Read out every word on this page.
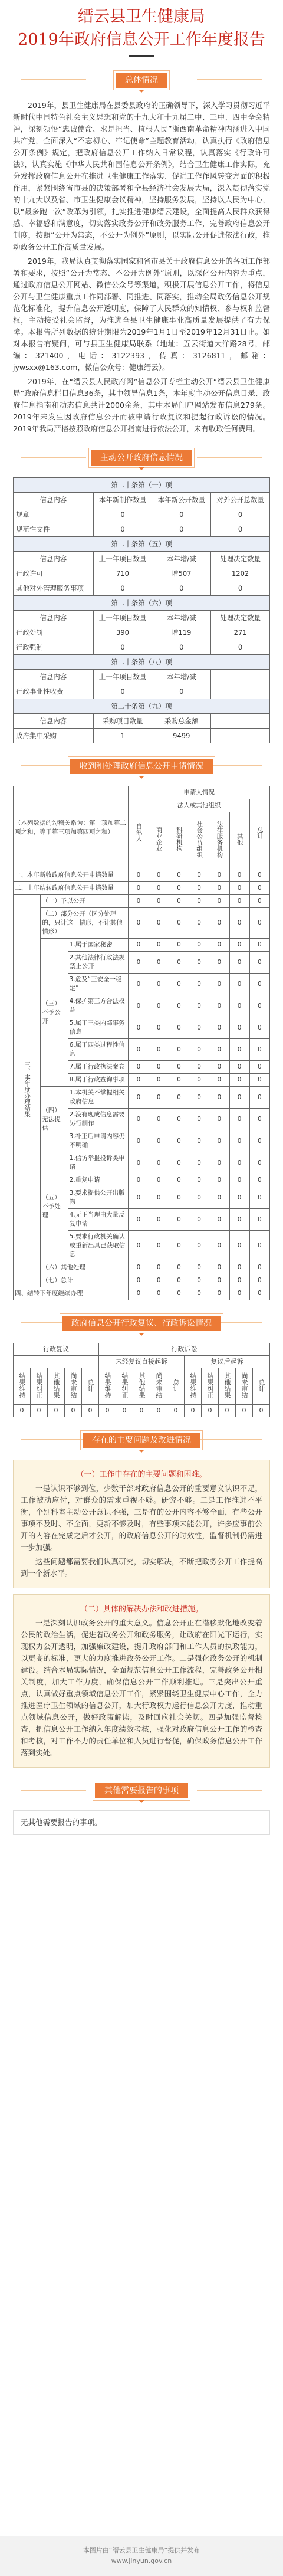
缙云县卫生健康局
2019年政府信息公开工作年度报告
总体情况

2019年，县卫生健康局在县委县政府的正确领导下，深入学习贯彻习近平新时代中国特色社会主义思想和党的十九大和十九届二中、三中、四中全会精神，深刻领悟“忠诚使命、求是担当、植根人民”浙西南革命精神内涵进入中国共产党，全面深入“不忘初心、牢记使命”主题教育活动，认真执行《政府信息公开条例》规定，把政府信息公开工作纳入日常议程，认真落实《行政许可法》，认真实施《中华人民共和国信息公开条例》，结合卫生健康工作实际，充分发挥政府信息公开在推进卫生健康工作落实、促进工作作风转变方面的积极作用，紧紧围绕省市县的决策部署和全县经济社会发展大局，深入贯彻落实党的十九大以及省、市卫生健康会议精神，坚持服务发展，坚持以人民为中心，以“最多跑一次”改革为引领，扎实推进健康缙云建设，全面提高人民群众获得感、幸福感和满意度，切实落实政务公开和政务服务工作，完善政府信息公开制度，按照“公开为常态，不公开为例外”原则，以实际公开促进依法行政，推动政务公开工作高质量发展。

2019年，我局认真贯彻落实国家和省市县关于政府信息公开的各项工作部署和要求，按照“公开为常态、不公开为例外”原则，以深化公开内容为重点，通过政府信息公开网站、微信公众号等渠道，积极开展信息公开工作，将信息公开与卫生健康重点工作同部署、同推进、同落实，推动全局政务信息公开规范化标准化，提升信息公开透明度，保障了人民群众的知情权、参与权和监督权，主动接受社会监督，为推进全县卫生健康事业高质量发展提供了有力保障。本报告所列数据的统计期限为2019年1月1日至2019年12月31日止。如对本报告有疑问，可与县卫生健康局联系（地址：五云街道大洋路28号，邮编：321400，电话：3122393，传真：3126811，邮箱：jywsxx@163.com，微信公众号：健康缙云）。

2019年，在“缙云县人民政府网”信息公开专栏主动公开“缙云县卫生健康局”政府信息栏目信息36条，其中领导信息1条，本年度主动公开信息目录、政府信息指南和动态信息共计2000余条，其中本局门户网站发布信息279条。2019年未发生因政府信息公开而被申请行政复议和提起行政诉讼的情况。2019年我局严格按照政府信息公开指南进行依法公开，未有收取任何费用。

主动公开政府信息情况
第二十条第（一）项			
信息内容	本年新制作数量	本年新公开数量	对外公开总数量
规章	0	0	0
规范性文件	0	0	0
第二十条第（五）项			
信息内容	上一年项目数量	本年增/减	处理决定数量
行政许可	710	增507	1202
其他对外管理服务事项	0	0	0
第二十条第（六）项			
信息内容	上一年项目数量	本年增/减	处理决定数量
行政处罚	390	增119	271
行政强制	0	0	0
第二十条第（八）项			
信息内容	上一年项目数量	本年增/减	
行政事业性收费	0	0	
第二十条第（九）项			
信息内容	采购项目数量	采购总金额	
政府集中采购	1	9499	
收到和处理政府信息公开申请情况
（本列数据的勾稽关系为：第一项加第二项之和，等于第三项加第四项之和）			申请人情况						
			自然人	法人或其他组织					总计
				商业企业	科研机构	社会公益组织	法律服务机构	其他	
一、本年新收政府信息公开申请数量			0	0	0	0	0	0	0
二、上年结转政府信息公开申请数量			0	0	0	0	0	0	0
三、本年度办理结果	（一）予以公开		0	0	0	0	0	0	0
	（二）部分公开（区分处理的，只计这一情形，不计其他情形）		0	0	0	0	0	0	0
	（三）不予公开	1.属于国家秘密	0	0	0	0	0	0	0
		2.其他法律行政法规禁止公开	0	0	0	0	0	0	0
		3.危及“三安全一稳定”	0	0	0	0	0	0	0
		4.保护第三方合法权益	0	0	0	0	0	0	0
		5.属于三类内部事务信息	0	0	0	0	0	0	0
		6.属于四类过程性信息	0	0	0	0	0	0	0
		7.属于行政执法案卷	0	0	0	0	0	0	0
		8.属于行政查询事项	0	0	0	0	0	0	0
	（四）无法提供	1.本机关不掌握相关政府信息	0	0	0	0	0	0	0
		2.没有现成信息需要另行制作	0	0	0	0	0	0	0
		3.补正后申请内容仍不明确	0	0	0	0	0	0	0
	（五）不予处理	1.信访举报投诉类申请	0	0	0	0	0	0	0
		2.重复申请	0	0	0	0	0	0	0
		3.要求提供公开出版物	0	0	0	0	0	0	0
		4.无正当理由大量反复申请	0	0	0	0	0	0	0
		5.要求行政机关确认或重新出具已获取信息	0	0	0	0	0	0	0
	（六）其他处理		0	0	0	0	0	0	0
	（七）总计		0	0	0	0	0	0	0
四、结转下年度继续办理			0	0	0	0	0	0	0
政府信息公开行政复议、行政诉讼情况
行政复议					行政诉讼									
					未经复议直接起诉					复议后起诉				
结果维持	结果纠正	其他结果	尚未审结	总计	结果维持	结果纠正	其他结果	尚未审结	总计	结果维持	结果纠正	其他结果	尚未审结	总计
0	0	0	0	0	0	0	0	0	0	0	0	0	0	0
存在的主要问题及改进情况
（一）工作中存在的主要问题和困难。

一是认识不够到位，少数干部对政府信息公开的重要意义认识不足，工作被动应付，对群众的需求重视不够。研究不够。二是工作推进不平衡，个别科室主动公开意识不强，三是有的公开内容不够全面，有些公开事项不及时、不全面，更新不够及时，有些事项未能公开，许多应事前公开的内容在完成之后才公开，的政府信息公开的时效性，监督机制仍需进一步加强。

这些问题都需要我们认真研究，切实解决，不断把政务公开工作提高到一个新水平。

（二）具体的解决办法和改进措施。

一是深刻认识政务公开的重大意义。信息公开正在潜移默化地改变着公民的政治生活，促进着政务公开和政务服务，让政府在阳光下运行，实现权力公开透明，加强廉政建设，提升政府部门和工作人员的执政能力，以更高的标准，更大的力度推进政务公开工作。二是强化政务公开的机制建设。结合本局实际情况，全面规范信息公开工作流程，完善政务公开相关制度，加大工作力度，确保信息公开工作顺利推进。三是突出公开重点，认真做好重点领域信息公开工作，紧紧围绕卫生健康中心工作，全力推进医疗卫生领域的信息公开，加大行政权力运行信息公开力度，推动重点领域信息公开，做好政策解读，及时回应社会关切。四是加强监督检查，把信息公开工作纳入年度绩效考核，强化对政府信息公开工作的检查和考核，对工作不力的责任单位和人员进行督促，确保政务信息公开工作落到实处。

其他需要报告的事项
无其他需要报告的事项。
本图片由“缙云县卫生健康局”提供并发布
www.jinyun.gov.cn
